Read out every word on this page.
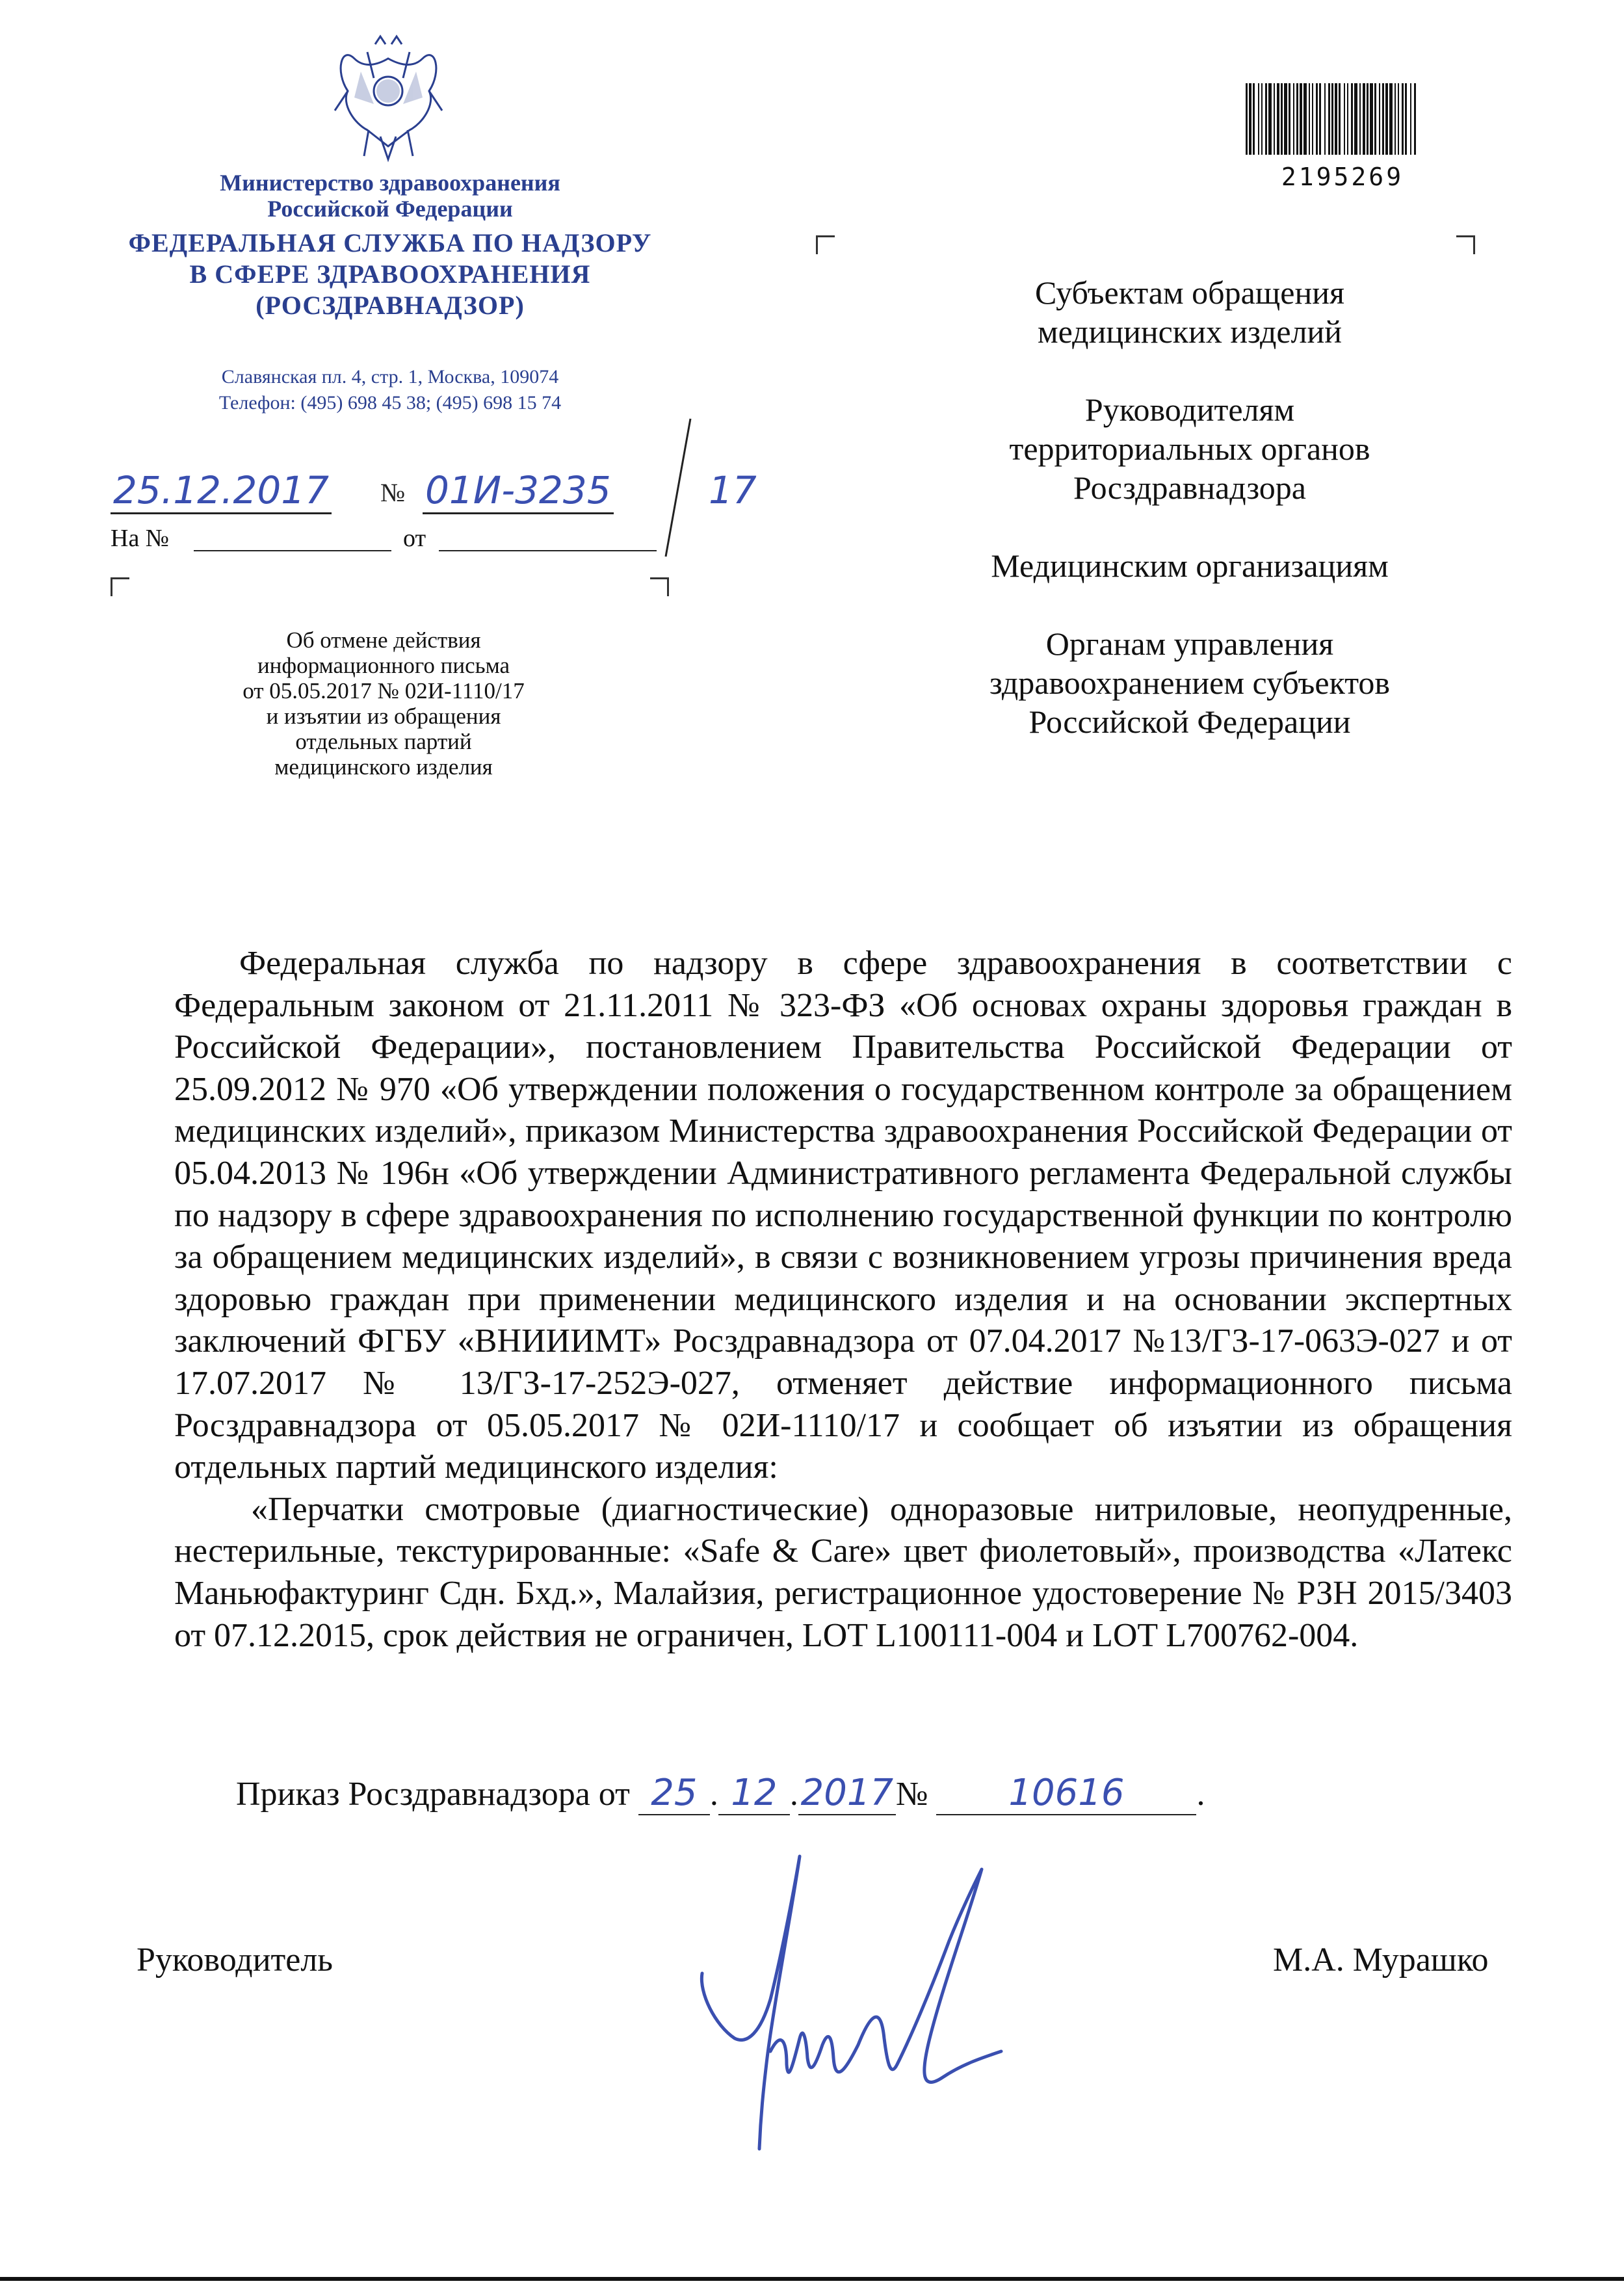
Министерство здравоохранения
Российской Федерации
ФЕДЕРАЛЬНАЯ СЛУЖБА ПО НАДЗОРУ
В СФЕРЕ ЗДРАВООХРАНЕНИЯ
(РОСЗДРАВНАДЗОР)
Славянская пл. 4, стр. 1, Москва, 109074
Телефон: (495) 698 45 38; (495) 698 15 74
25.12.2017 № 01И-3235	17
На №	от
Об отмене действия
информационного письма
от 05.05.2017 № 02И-1110/17
и изъятии из обращения
отдельных партий
медицинского изделия
2195269
Субъектам обращения
медицинских изделий
Руководителям
территориальных органов
Росздравнадзора
Медицинским организациям
Органам управления
здравоохранением субъектов
Российской Федерации

Федеральная служба по надзору в сфере здравоохранения в соответствии с Федеральным законом от 21.11.2011 № 323-ФЗ «Об основах охраны здоровья граждан в Российской Федерации», постановлением Правительства Российской Федерации от 25.09.2012 № 970 «Об утверждении положения о государственном контроле за обращением медицинских изделий», приказом Министерства здравоохранения Российской Федерации от 05.04.2013 № 196н «Об утверждении Административного регламента Федеральной службы по надзору в сфере здравоохранения по исполнению государственной функции по контролю за обращением медицинских изделий», в связи с возникновением угрозы причинения вреда здоровью граждан при применении медицинского изделия и на основании экспертных заключений ФГБУ «ВНИИИМТ» Росздравнадзора от 07.04.2017 №13/ГЗ-17-063Э-027 и от 17.07.2017 № 13/ГЗ-17-252Э-027, отменяет действие информационного письма Росздравнадзора от 05.05.2017 № 02И-1110/17 и сообщает об изъятии из обращения отдельных партий медицинского изделия:

«Перчатки смотровые (диагностические) одноразовые нитриловые, неопудренные, нестерильные, текстурированные: «Safe & Care» цвет фиолетовый», производства «Латекс Маньюфактуринг Сдн. Бхд.», Малайзия, регистрационное удостоверение № РЗН 2015/3403 от 07.12.2015, срок действия не ограничен, LOT L100111-004 и LOT L700762-004.

Приказ Росздравнадзора от 25 . 12 .2017№ 10616 .
Руководитель	М.А. Мурашко
